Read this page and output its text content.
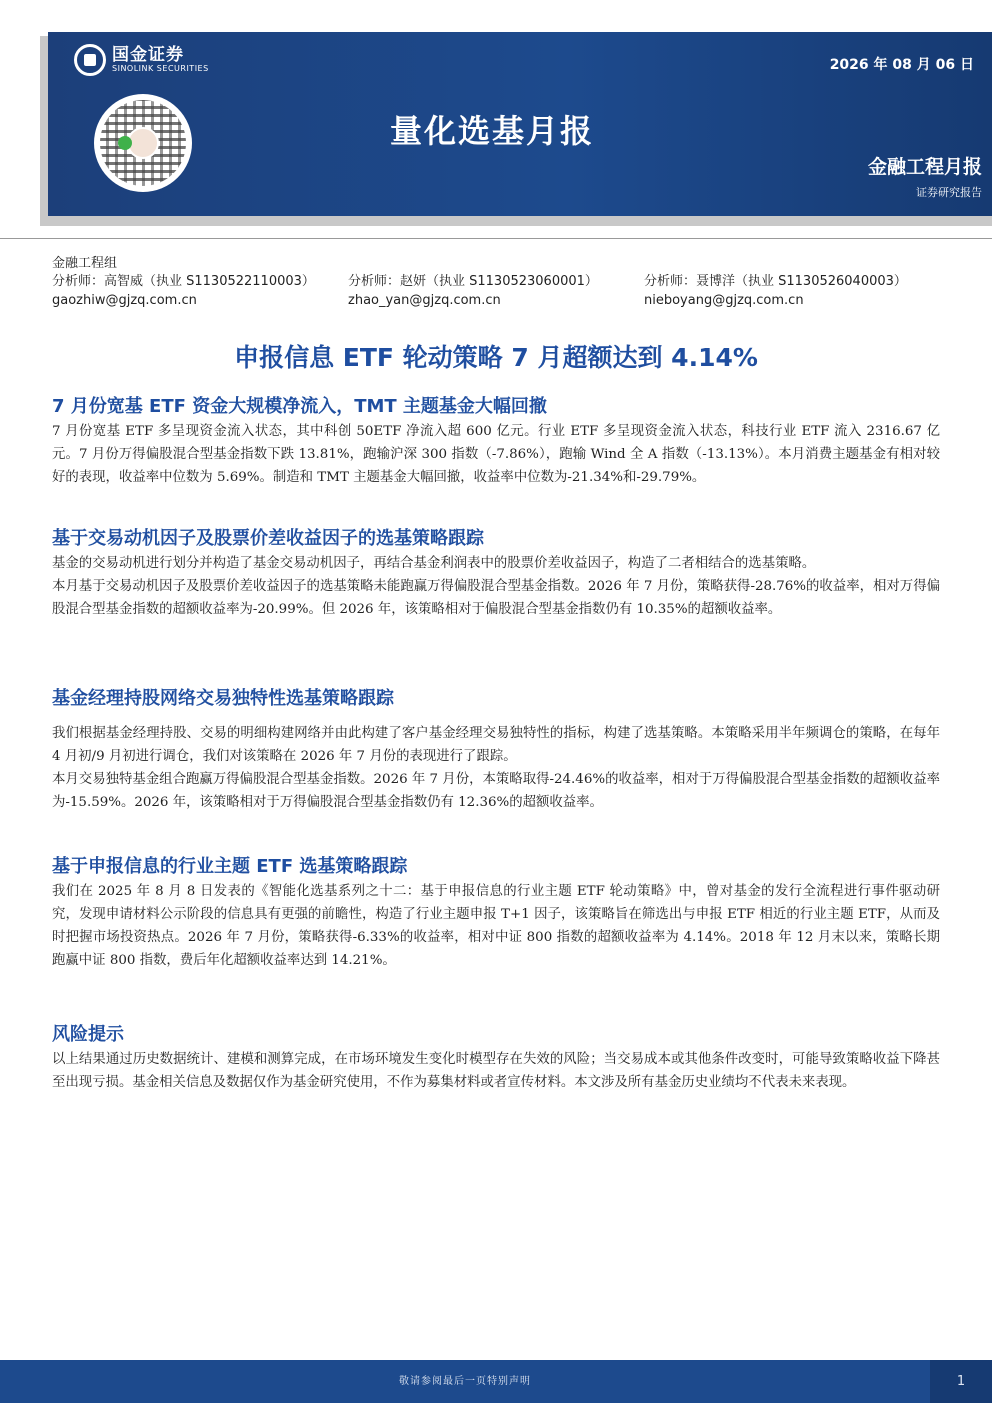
国金证券
SINOLINK SECURITIES	2026 年 08 月 06 日
量化选基月报
金融工程月报
证券研究报告
金融工程组
分析师：高智威（执业 S1130522110003）
gaozhiw@gjzq.com.cn
分析师：赵妍（执业 S1130523060001）
zhao_yan@gjzq.com.cn
分析师：聂博洋（执业 S1130526040003）
nieboyang@gjzq.com.cn
申报信息 ETF 轮动策略 7 月超额达到 4.14%
7 月份宽基 ETF 资金大规模净流入，TMT 主题基金大幅回撤

7 月份宽基 ETF 多呈现资金流入状态，其中科创 50ETF 净流入超 600 亿元。行业 ETF 多呈现资金流入状态，科技行业 ETF 流入 2316.67 亿元。7 月份万得偏股混合型基金指数下跌 13.81%，跑输沪深 300 指数（-7.86%），跑输 Wind 全 A 指数（-13.13%）。本月消费主题基金有相对较好的表现，收益率中位数为 5.69%。制造和 TMT 主题基金大幅回撤，收益率中位数为-21.34%和-29.79%。

基于交易动机因子及股票价差收益因子的选基策略跟踪

基金的交易动机进行划分并构造了基金交易动机因子，再结合基金利润表中的股票价差收益因子，构造了二者相结合的选基策略。

本月基于交易动机因子及股票价差收益因子的选基策略未能跑赢万得偏股混合型基金指数。2026 年 7 月份，策略获得-28.76%的收益率，相对万得偏股混合型基金指数的超额收益率为-20.99%。但 2026 年，该策略相对于偏股混合型基金指数仍有 10.35%的超额收益率。

基金经理持股网络交易独特性选基策略跟踪

我们根据基金经理持股、交易的明细构建网络并由此构建了客户基金经理交易独特性的指标，构建了选基策略。本策略采用半年频调仓的策略，在每年 4 月初/9 月初进行调仓，我们对该策略在 2026 年 7 月份的表现进行了跟踪。

本月交易独特基金组合跑赢万得偏股混合型基金指数。2026 年 7 月份，本策略取得-24.46%的收益率，相对于万得偏股混合型基金指数的超额收益率为-15.59%。2026 年，该策略相对于万得偏股混合型基金指数仍有 12.36%的超额收益率。

基于申报信息的行业主题 ETF 选基策略跟踪

我们在 2025 年 8 月 8 日发表的《智能化选基系列之十二：基于申报信息的行业主题 ETF 轮动策略》中，曾对基金的发行全流程进行事件驱动研究，发现申请材料公示阶段的信息具有更强的前瞻性，构造了行业主题申报 T+1 因子，该策略旨在筛选出与申报 ETF 相近的行业主题 ETF，从而及时把握市场投资热点。2026 年 7 月份，策略获得-6.33%的收益率，相对中证 800 指数的超额收益率为 4.14%。2018 年 12 月末以来，策略长期跑赢中证 800 指数，费后年化超额收益率达到 14.21%。

风险提示

以上结果通过历史数据统计、建模和测算完成，在市场环境发生变化时模型存在失效的风险；当交易成本或其他条件改变时，可能导致策略收益下降甚至出现亏损。基金相关信息及数据仅作为基金研究使用，不作为募集材料或者宣传材料。本文涉及所有基金历史业绩均不代表未来表现。

敬请参阅最后一页特别声明	1
